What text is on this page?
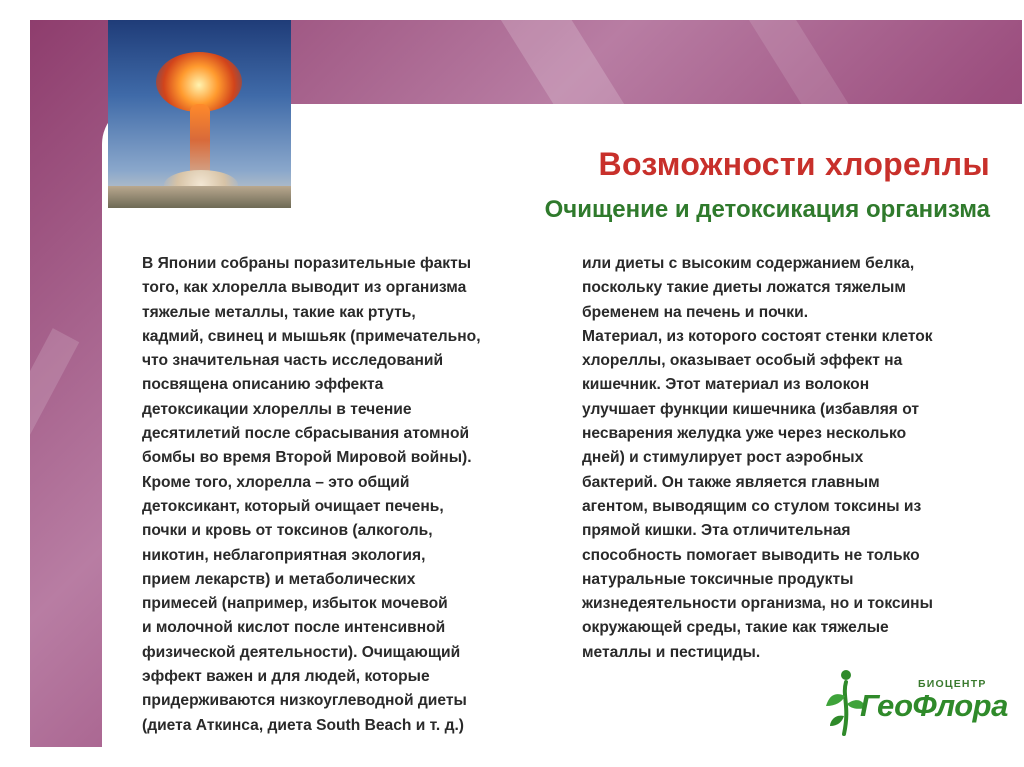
Возможности хлореллы
Очищение и детоксикация организма

В Японии собраны поразительные факты
того, как хлорелла выводит из организма
тяжелые металлы, такие как ртуть,
кадмий, свинец и мышьяк (примечательно,
что значительная часть исследований
посвящена описанию эффекта
детоксикации хлореллы в течение
десятилетий после сбрасывания атомной
бомбы во время Второй Мировой войны).
Кроме того, хлорелла – это общий
детоксикант, который очищает печень,
почки и кровь от токсинов (алкоголь,
никотин, неблагоприятная экология,
прием лекарств) и метаболических
примесей (например, избыток мочевой
и молочной кислот после интенсивной
физической деятельности). Очищающий
эффект важен и для людей, которые
придерживаются низкоуглеводной диеты
(диета Аткинса, диета South Beach и т. д.)

или диеты с высоким содержанием белка,
поскольку такие диеты ложатся тяжелым
бременем на печень и почки.
Материал, из которого состоят стенки клеток
хлореллы, оказывает особый эффект на
кишечник. Этот материал из волокон
улучшает функции кишечника (избавляя от
несварения желудка уже через несколько
дней) и стимулирует рост аэробных
бактерий. Он также является главным
агентом, выводящим со стулом токсины из
прямой кишки. Эта отличительная
способность помогает выводить не только
натуральные токсичные продукты
жизнедеятельности организма, но и токсины
окружающей среды, такие как тяжелые
металлы и пестициды.

БИОЦЕНТР
ГеоФлора
